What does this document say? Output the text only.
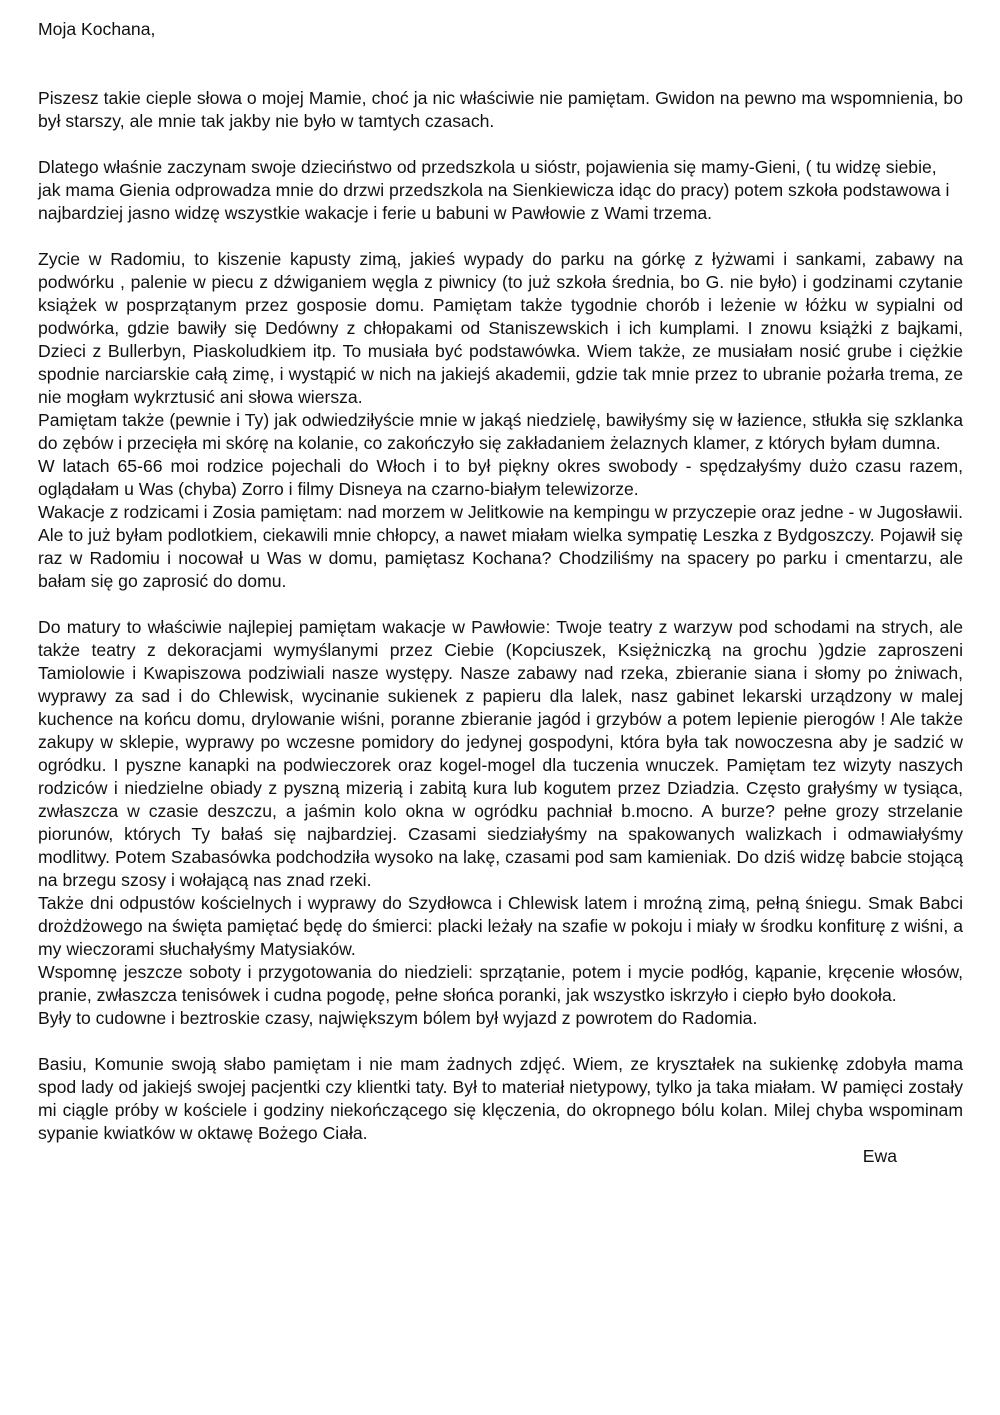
Moja Kochana,

Piszesz takie cieple słowa o mojej Mamie, choć ja nic właściwie nie pamiętam. Gwidon na pewno ma wspomnienia, bo był starszy, ale mnie tak jakby nie było w tamtych czasach.

Dlatego właśnie zaczynam swoje dzieciństwo od przedszkola u sióstr, pojawienia się mamy-Gieni, ( tu widzę siebie, jak mama Gienia odprowadza mnie do drzwi przedszkola na Sienkiewicza idąc do pracy) potem szkoła podstawowa i najbardziej jasno widzę wszystkie wakacje i ferie u babuni w Pawłowie z Wami trzema.

Zycie w Radomiu, to kiszenie kapusty zimą, jakieś wypady do parku na górkę z łyżwami i sankami, zabawy na podwórku , palenie w piecu z dźwiganiem węgla z piwnicy (to już szkoła średnia, bo G. nie było) i godzinami czytanie książek w posprzątanym przez gosposie domu. Pamiętam także tygodnie chorób i leżenie w łóżku w sypialni od podwórka, gdzie bawiły się Dedówny z chłopakami od Staniszewskich i ich kumplami. I znowu książki z bajkami, Dzieci z Bullerbyn, Piaskoludkiem itp. To musiała być podstawówka. Wiem także, ze musiałam nosić grube i ciężkie spodnie narciarskie całą zimę, i wystąpić w nich na jakiejś akademii, gdzie tak mnie przez to ubranie pożarła trema, ze nie mogłam wykrztusić ani słowa wiersza.

Pamiętam także (pewnie i Ty) jak odwiedziłyście mnie w jakąś niedzielę, bawiłyśmy się w łazience, stłukła się szklanka do zębów i przecięła mi skórę na kolanie, co zakończyło się zakładaniem żelaznych klamer, z których byłam dumna.

W latach 65-66 moi rodzice pojechali do Włoch i to był piękny okres swobody - spędzałyśmy dużo czasu razem, oglądałam u Was (chyba) Zorro i filmy Disneya na czarno-białym telewizorze.

Wakacje z rodzicami i Zosia pamiętam: nad morzem w Jelitkowie na kempingu w przyczepie oraz jedne - w Jugosławii. Ale to już byłam podlotkiem, ciekawili mnie chłopcy, a nawet miałam wielka sympatię Leszka z Bydgoszczy. Pojawił się raz w Radomiu i nocował u Was w domu, pamiętasz Kochana? Chodziliśmy na spacery po parku i cmentarzu, ale bałam się go zaprosić do domu.

Do matury to właściwie najlepiej pamiętam wakacje w Pawłowie: Twoje teatry z warzyw pod schodami na strych, ale także teatry z dekoracjami wymyślanymi przez Ciebie (Kopciuszek, Księżniczką na grochu )gdzie zaproszeni Tamiolowie i Kwapiszowa podziwiali nasze występy. Nasze zabawy nad rzeka, zbieranie siana i słomy po żniwach, wyprawy za sad i do Chlewisk, wycinanie sukienek z papieru dla lalek, nasz gabinet lekarski urządzony w malej kuchence na końcu domu, drylowanie wiśni, poranne zbieranie jagód i grzybów a potem lepienie pierogów ! Ale także zakupy w sklepie, wyprawy po wczesne pomidory do jedynej gospodyni, która była tak nowoczesna aby je sadzić w ogródku. I pyszne kanapki na podwieczorek oraz kogel-mogel dla tuczenia wnuczek. Pamiętam tez wizyty naszych rodziców i niedzielne obiady z pyszną mizerią i zabitą kura lub kogutem przez Dziadzia. Często grałyśmy w tysiąca, zwłaszcza w czasie deszczu, a jaśmin kolo okna w ogródku pachniał b.mocno. A burze? pełne grozy strzelanie piorunów, których Ty bałaś się najbardziej. Czasami siedziałyśmy na spakowanych walizkach i odmawiałyśmy modlitwy. Potem Szabasówka podchodziła wysoko na lakę, czasami pod sam kamieniak. Do dziś widzę babcie stojącą na brzegu szosy i wołającą nas znad rzeki.

Także dni odpustów kościelnych i wyprawy do Szydłowca i Chlewisk latem i mroźną zimą, pełną śniegu. Smak Babci drożdżowego na święta pamiętać będę do śmierci: placki leżały na szafie w pokoju i miały w środku konfiturę z wiśni, a my wieczorami słuchałyśmy Matysiaków.

Wspomnę jeszcze soboty i przygotowania do niedzieli: sprzątanie, potem i mycie podłóg, kąpanie, kręcenie włosów, pranie, zwłaszcza tenisówek i cudna pogodę, pełne słońca poranki, jak wszystko iskrzyło i ciepło było dookoła.

Były to cudowne i beztroskie czasy, największym bólem był wyjazd z powrotem do Radomia.

Basiu, Komunie swoją słabo pamiętam i nie mam żadnych zdjęć. Wiem, ze kryształek na sukienkę zdobyła mama spod lady od jakiejś swojej pacjentki czy klientki taty. Był to materiał nietypowy, tylko ja taka miałam. W pamięci zostały mi ciągle próby w kościele i godziny niekończącego się klęczenia, do okropnego bólu kolan. Milej chyba wspominam sypanie kwiatków w oktawę Bożego Ciała.

Ewa
